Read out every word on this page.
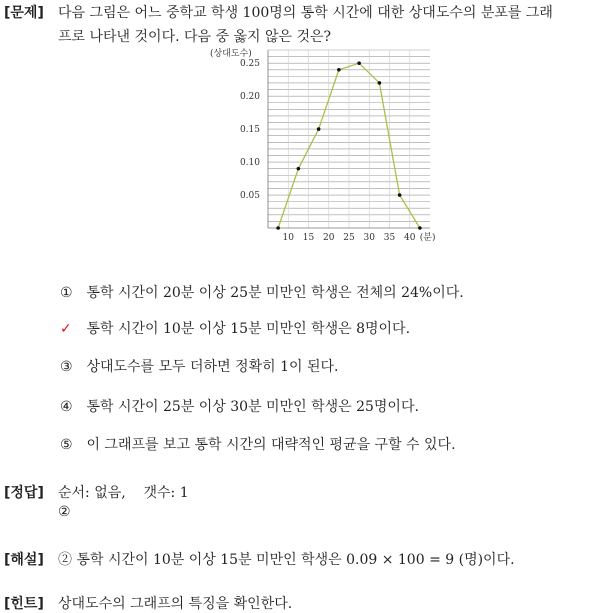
[문제] 다음 그림은 어느 중학교 학생 100명의 통학 시간에 대한 상대도수의 분포를 그래
프로 나타낸 것이다. 다음 중 옳지 않은 것은?
0.05
0.10
0.15
0.20
0.25
10 15 20 25 30 35 40
(상대도수)
(분)
① 통학 시간이 20분 이상 25분 미만인 학생은 전체의 24%이다.
✓ 통학 시간이 10분 이상 15분 미만인 학생은 8명이다.
③ 상대도수를 모두 더하면 정확히 1이 된다.
④ 통학 시간이 25분 이상 30분 미만인 학생은 25명이다.
⑤ 이 그래프를 보고 통학 시간의 대략적인 평균을 구할 수 있다.
[정답] 순서: 없음,    갯수: 1
②
[해설] ② 통학 시간이 10분 이상 15분 미만인 학생은 0.09 × 100 = 9 (명)이다.
[힌트] 상대도수의 그래프의 특징을 확인한다.
